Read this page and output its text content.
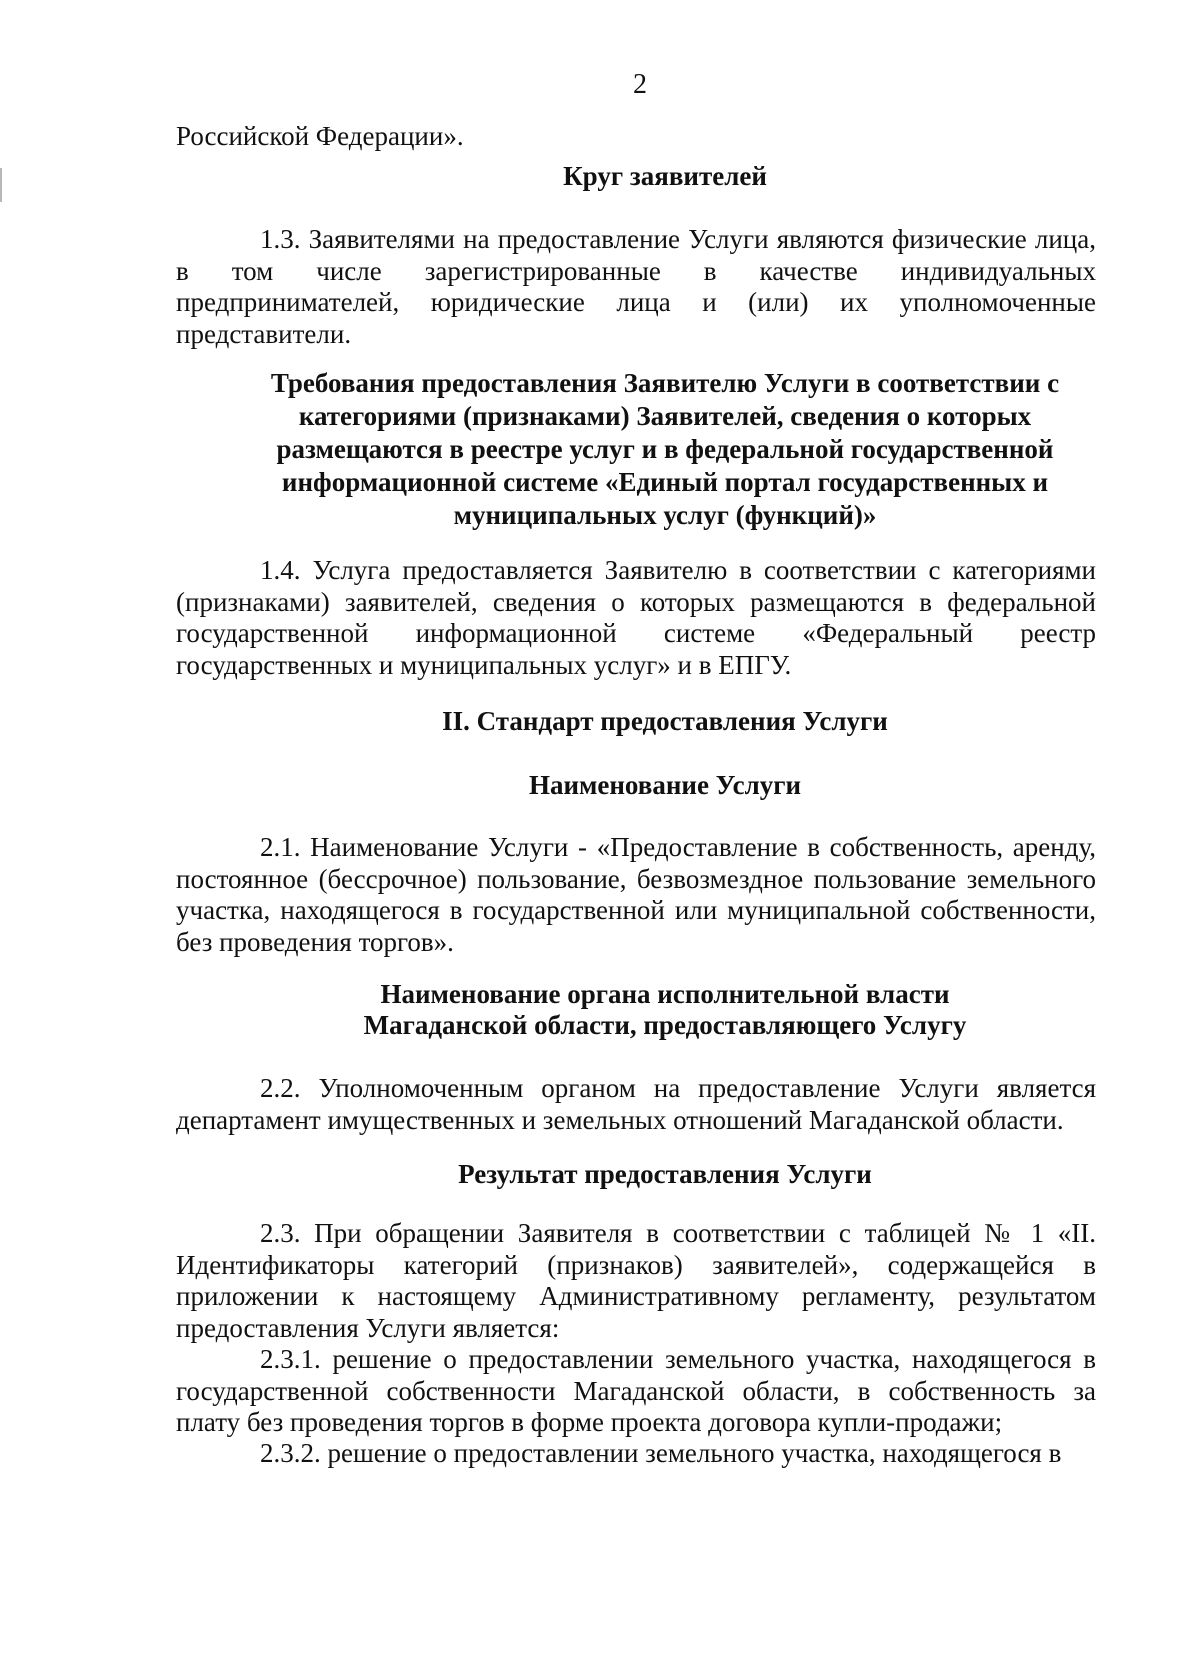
2

Российской Федерации».

Круг заявителей

1.3. Заявителями на предоставление Услуги являются физические лица, в том числе зарегистрированные в качестве индивидуальных предпринимателей, юридические лица и (или) их уполномоченные представители.

Требования предоставления Заявителю Услуги в соответствии с категориями (признаками) Заявителей, сведения о которых размещаются в реестре услуг и в федеральной государственной информационной системе «Единый портал государственных и муниципальных услуг (функций)»

1.4. Услуга предоставляется Заявителю в соответствии с категориями (признаками) заявителей, сведения о которых размещаются в федеральной государственной информационной системе «Федеральный реестр государственных и муниципальных услуг» и в ЕПГУ.

II. Стандарт предоставления Услуги

Наименование Услуги

2.1. Наименование Услуги - «Предоставление в собственность, аренду, постоянное (бессрочное) пользование, безвозмездное пользование земельного участка, находящегося в государственной или муниципальной собственности, без проведения торгов».

Наименование органа исполнительной власти

Магаданской области, предоставляющего Услугу

2.2. Уполномоченным органом на предоставление Услуги является департамент имущественных и земельных отношений Магаданской области.

Результат предоставления Услуги

2.3. При обращении Заявителя в соответствии с таблицей № 1 «II. Идентификаторы категорий (признаков) заявителей», содержащейся в приложении к настоящему Административному регламенту, результатом предоставления Услуги является:

2.3.1. решение о предоставлении земельного участка, находящегося в государственной собственности Магаданской области, в собственность за плату без проведения торгов в форме проекта договора купли-продажи;

2.3.2. решение о предоставлении земельного участка, находящегося в
